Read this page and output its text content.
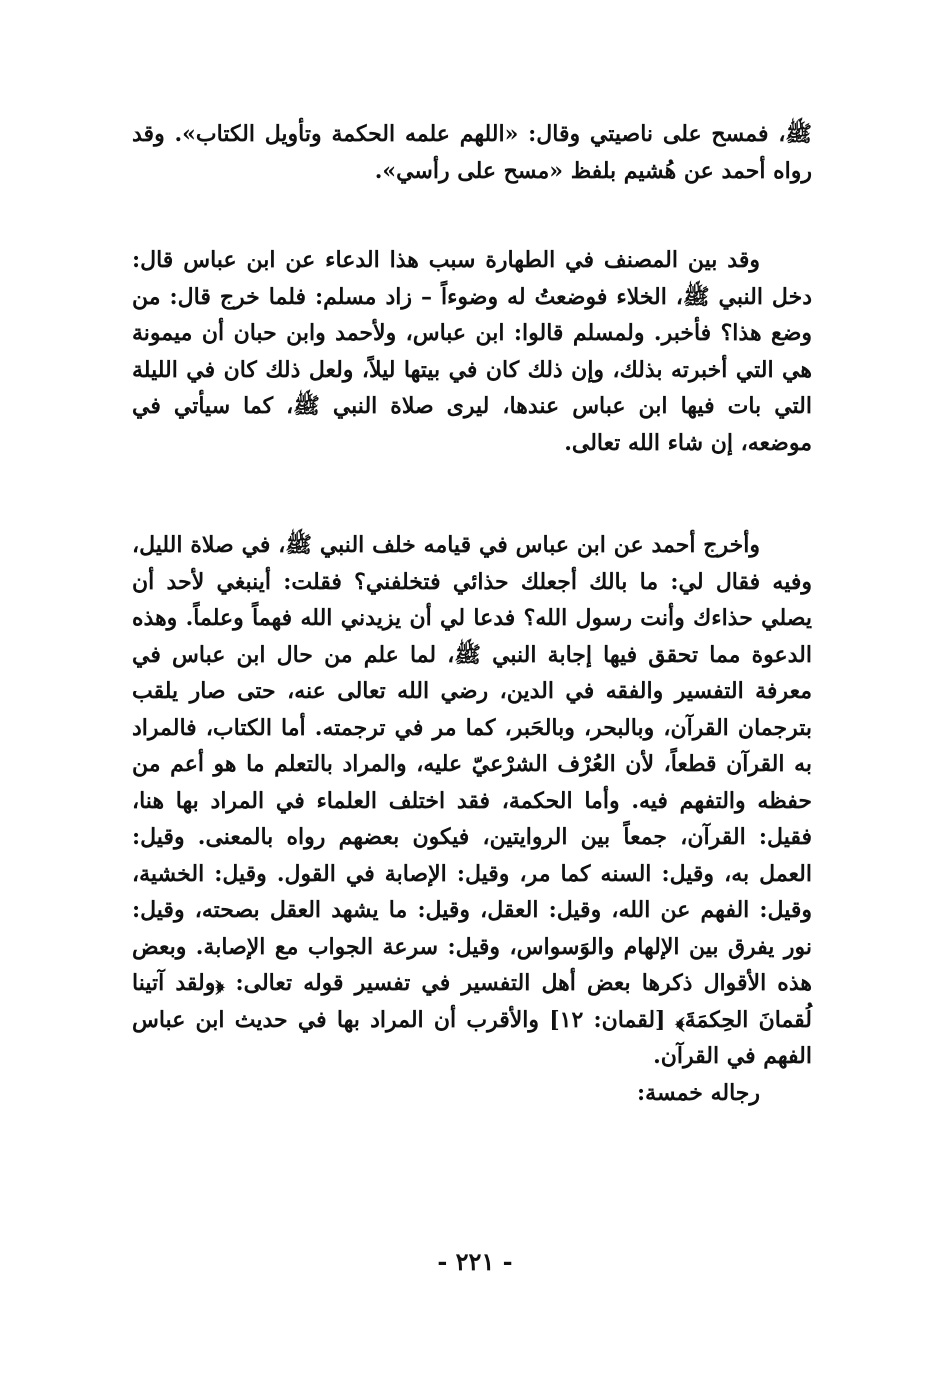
ﷺ، فمسح على ناصيتي وقال: «اللهم علمه الحكمة وتأويل الكتاب». وقد رواه أحمد عن هُشيم بلفظ «مسح على رأسي».

وقد بين المصنف في الطهارة سبب هذا الدعاء عن ابن عباس قال: دخل النبي ﷺ، الخلاء فوضعتُ له وضوءاً – زاد مسلم: فلما خرج قال: من وضع هذا؟ فأخبر. ولمسلم قالوا: ابن عباس، ولأحمد وابن حبان أن ميمونة هي التي أخبرته بذلك، وإن ذلك كان في بيتها ليلاً، ولعل ذلك كان في الليلة التي بات فيها ابن عباس عندها، ليرى صلاة النبي ﷺ، كما سيأتي في موضعه، إن شاء الله تعالى.

وأخرج أحمد عن ابن عباس في قيامه خلف النبي ﷺ، في صلاة الليل، وفيه فقال لي: ما بالك أجعلك حذائي فتخلفني؟ فقلت: أينبغي لأحد أن يصلي حذاءك وأنت رسول الله؟ فدعا لي أن يزيدني الله فهماً وعلماً. وهذه الدعوة مما تحقق فيها إجابة النبي ﷺ، لما علم من حال ابن عباس في معرفة التفسير والفقه في الدين، رضي الله تعالى عنه، حتى صار يلقب بترجمان القرآن، وبالبحر، وبالحَبر، كما مر في ترجمته. أما الكتاب، فالمراد به القرآن قطعاً، لأن العُرْف الشرْعيّ عليه، والمراد بالتعلم ما هو أعم من حفظه والتفهم فيه. وأما الحكمة، فقد اختلف العلماء في المراد بها هنا، فقيل: القرآن، جمعاً بين الروايتين، فيكون بعضهم رواه بالمعنى. وقيل: العمل به، وقيل: السنه كما مر، وقيل: الإصابة في القول. وقيل: الخشية، وقيل: الفهم عن الله، وقيل: العقل، وقيل: ما يشهد العقل بصحته، وقيل: نور يفرق بين الإلهام والوَسواس، وقيل: سرعة الجواب مع الإصابة. وبعض هذه الأقوال ذكرها بعض أهل التفسير في تفسير قوله تعالى: ﴿ولقد آتينا لُقمانَ الحِكمَةَ﴾ [لقمان: ١٢] والأقرب أن المراد بها في حديث ابن عباس الفهم في القرآن.

رجاله خمسة:

- ٢٢١ -
